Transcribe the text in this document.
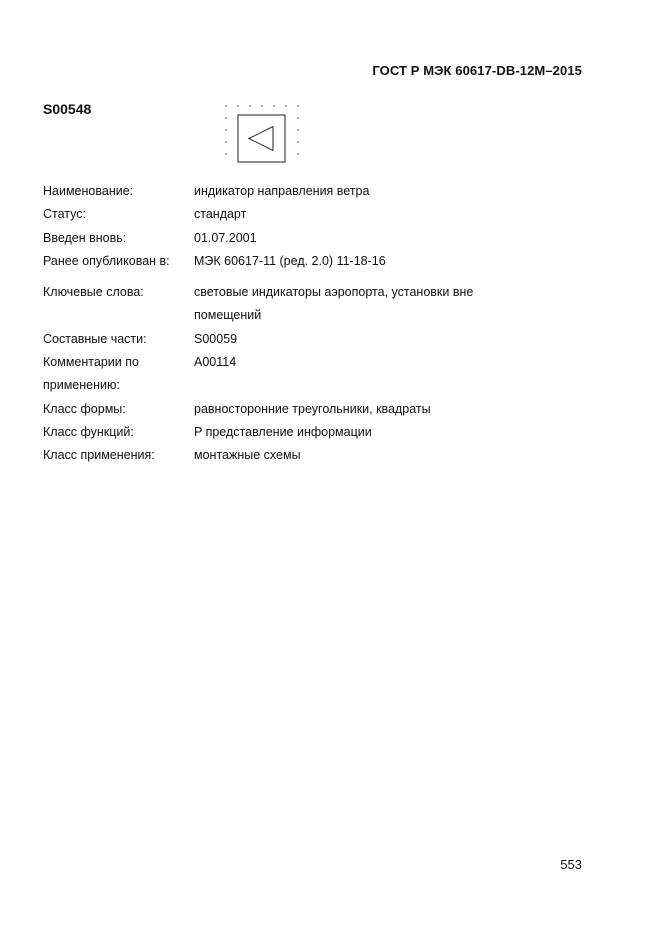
ГОСТ Р МЭК 60617-DB-12M–2015
S00548
Наименование:	индикатор направления ветра
Статус:	стандарт
Введен вновь:	01.07.2001
Ранее опубликован в:	МЭК 60617-11 (ред. 2.0) 11-18-16
Ключевые слова:	световые индикаторы аэропорта, установки вне помещений
Составные части:	S00059
Комментарии по применению:
A00114
Класс формы:	равносторонние треугольники, квадраты
Класс функций:	P представление информации
Класс применения:	монтажные схемы
553
